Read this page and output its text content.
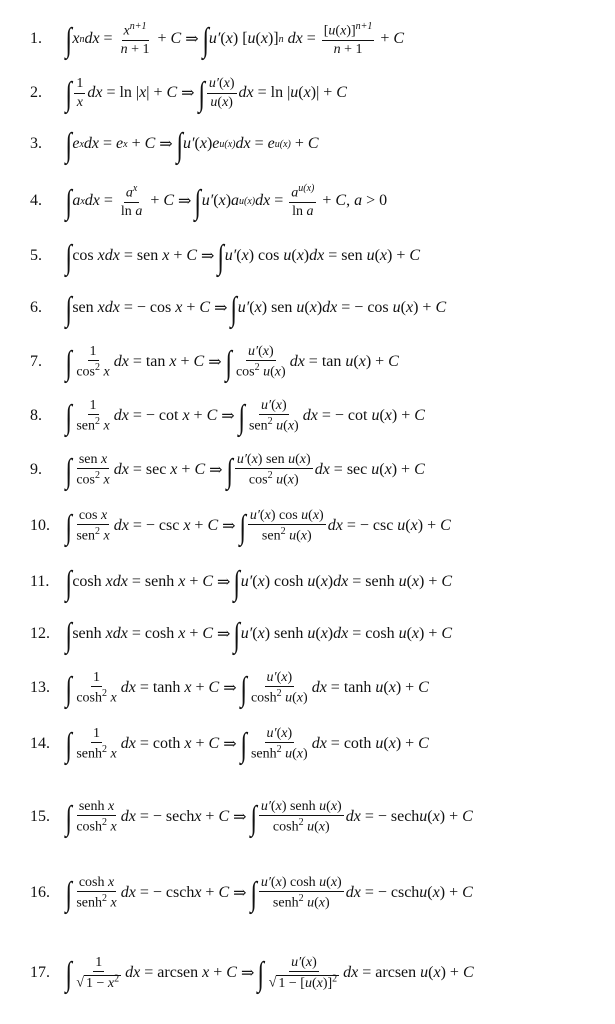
1. ∫ x n dx = $\frac{x^{n+1}}{n + 1} + C$ ⇒ ∫ u′ ( x ) [ u ( x )] n
dx = $\frac{[u(x)]^{n+1}}{n + 1} + C$
2. ∫ $\frac{1}{x}$ dx = ln | x | + C ⇒ ∫ $\frac{u'(x)}{u(x)}$ dx = ln | u ( x )| + C
3. ∫ e x dx = e x + C ⇒ ∫ u′ ( x ) e u(x) dx = e u(x) + C
4. ∫ a x dx = $\frac{a^x}{\text{ln a}} + C$ ⇒ ∫ u′ ( x ) a u(x) dx = $\frac{a^{u(x)}}{\text{ln a}} + C$ , a > 0
5. ∫ cos xdx = sen x + C ⇒ ∫ u′ ( x ) cos u ( x ) dx = sen u ( x ) + C
6. ∫ sen xdx = − cos x + C ⇒ ∫ u′ ( x ) sen u ( x ) dx = − cos u ( x ) + C
7. ∫ $\frac{1}{\cos^2 x}$ dx = tan x + C ⇒ ∫ $\frac{u'(x)}{\cos^2 u(x)}$ dx = tan u ( x ) + C
8. ∫ $\frac{1}{sen^2 x}$ dx = − cot x + C ⇒ ∫ $\frac{u'(x)}{sen^2 u(x)}$ dx = − cot u ( x ) + C
9. ∫ $\frac{\text{sen x}}{\cos^2 x}$ dx = sec x + C ⇒ ∫ $\frac{\text{u′(x) sen u(x)}}{\cos^2 u(x)}$ dx = sec u ( x ) + C
10. ∫ $\frac{\text{cos x}}{sen^2 x}$ dx = − csc x + C ⇒ ∫ $\frac{\text{u′(x) cos u(x)}}{sen^2 u(x)}$ dx = − csc u ( x ) + C
11. ∫ cosh xdx = senh x + C ⇒ ∫ u′ ( x ) cosh u ( x ) dx = senh u ( x ) + C
12. ∫ senh xdx = cosh x + C ⇒ ∫ u′ ( x ) senh u ( x ) dx = cosh u ( x ) + C
13. ∫ $\frac{1}{\cosh^2 x}$ dx = tanh x + C ⇒ ∫ $\frac{u'(x)}{\cosh^2 u(x)}$ dx = tanh u ( x ) + C
14. ∫ $\frac{1}{senh^2 x}$ dx = coth x + C ⇒ ∫ $\frac{u'(x)}{senh^2 u(x)}$ dx = coth u ( x ) + C
15. ∫ $\frac{\text{senh x}}{\cosh^2 x}$ dx = − sech x + C ⇒ ∫ $\frac{\text{u′(x) senh u(x)}}{\cosh^2 u(x)}$ dx = − sech u ( x ) + C
16. ∫ $\frac{\text{cosh x}}{senh^2 x}$ dx = − csch x + C ⇒ ∫ $\frac{\text{u′(x) cosh u(x)}}{senh^2 u(x)}$ dx = − csch u ( x ) + C
17. ∫ $\frac{1}{√ 1 - x^2}$ dx = arcsen x + C ⇒ ∫ $\frac{u'(x)}{√ 1 - [u(x)]^2}$ dx = arcsen u ( x ) + C
